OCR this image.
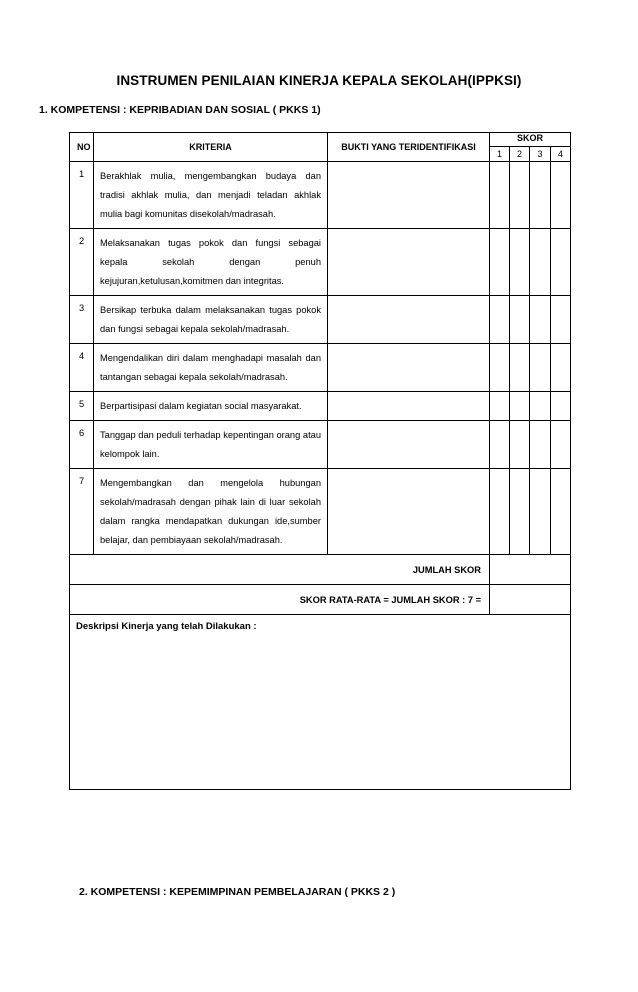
INSTRUMEN PENILAIAN KINERJA KEPALA SEKOLAH(IPPKSI)
1. KOMPETENSI : KEPRIBADIAN DAN SOSIAL ( PKKS 1)
NO	KRITERIA	BUKTI YANG TERIDENTIFIKASI	SKOR			
			1	2	3	4
1	Berakhlak mulia, mengembangkan budaya dan tradisi akhlak mulia, dan menjadi teladan akhlak mulia bagi komunitas disekolah/madrasah.					
2	Melaksanakan tugas pokok dan fungsi sebagai kepala sekolah dengan penuh kejujuran,ketulusan,komitmen dan integritas.					
3	Bersikap terbuka dalam melaksanakan tugas pokok dan fungsi sebagai kepala sekolah/madrasah.					
4	Mengendalikan diri dalam menghadapi masalah dan tantangan sebagai kepala sekolah/madrasah.					
5	Berpartisipasi dalam kegiatan social masyarakat.					
6	Tanggap dan peduli terhadap kepentingan orang atau kelompok lain.					
7	Mengembangkan dan mengelola hubungan sekolah/madrasah dengan pihak lain di luar sekolah dalam rangka mendapatkan dukungan ide,sumber belajar, dan pembiayaan sekolah/madrasah.					
JUMLAH SKOR						
SKOR RATA-RATA = JUMLAH SKOR : 7 =						

Deskripsi Kinerja yang telah Dilakukan :						
2. KOMPETENSI : KEPEMIMPINAN PEMBELAJARAN ( PKKS 2 )
